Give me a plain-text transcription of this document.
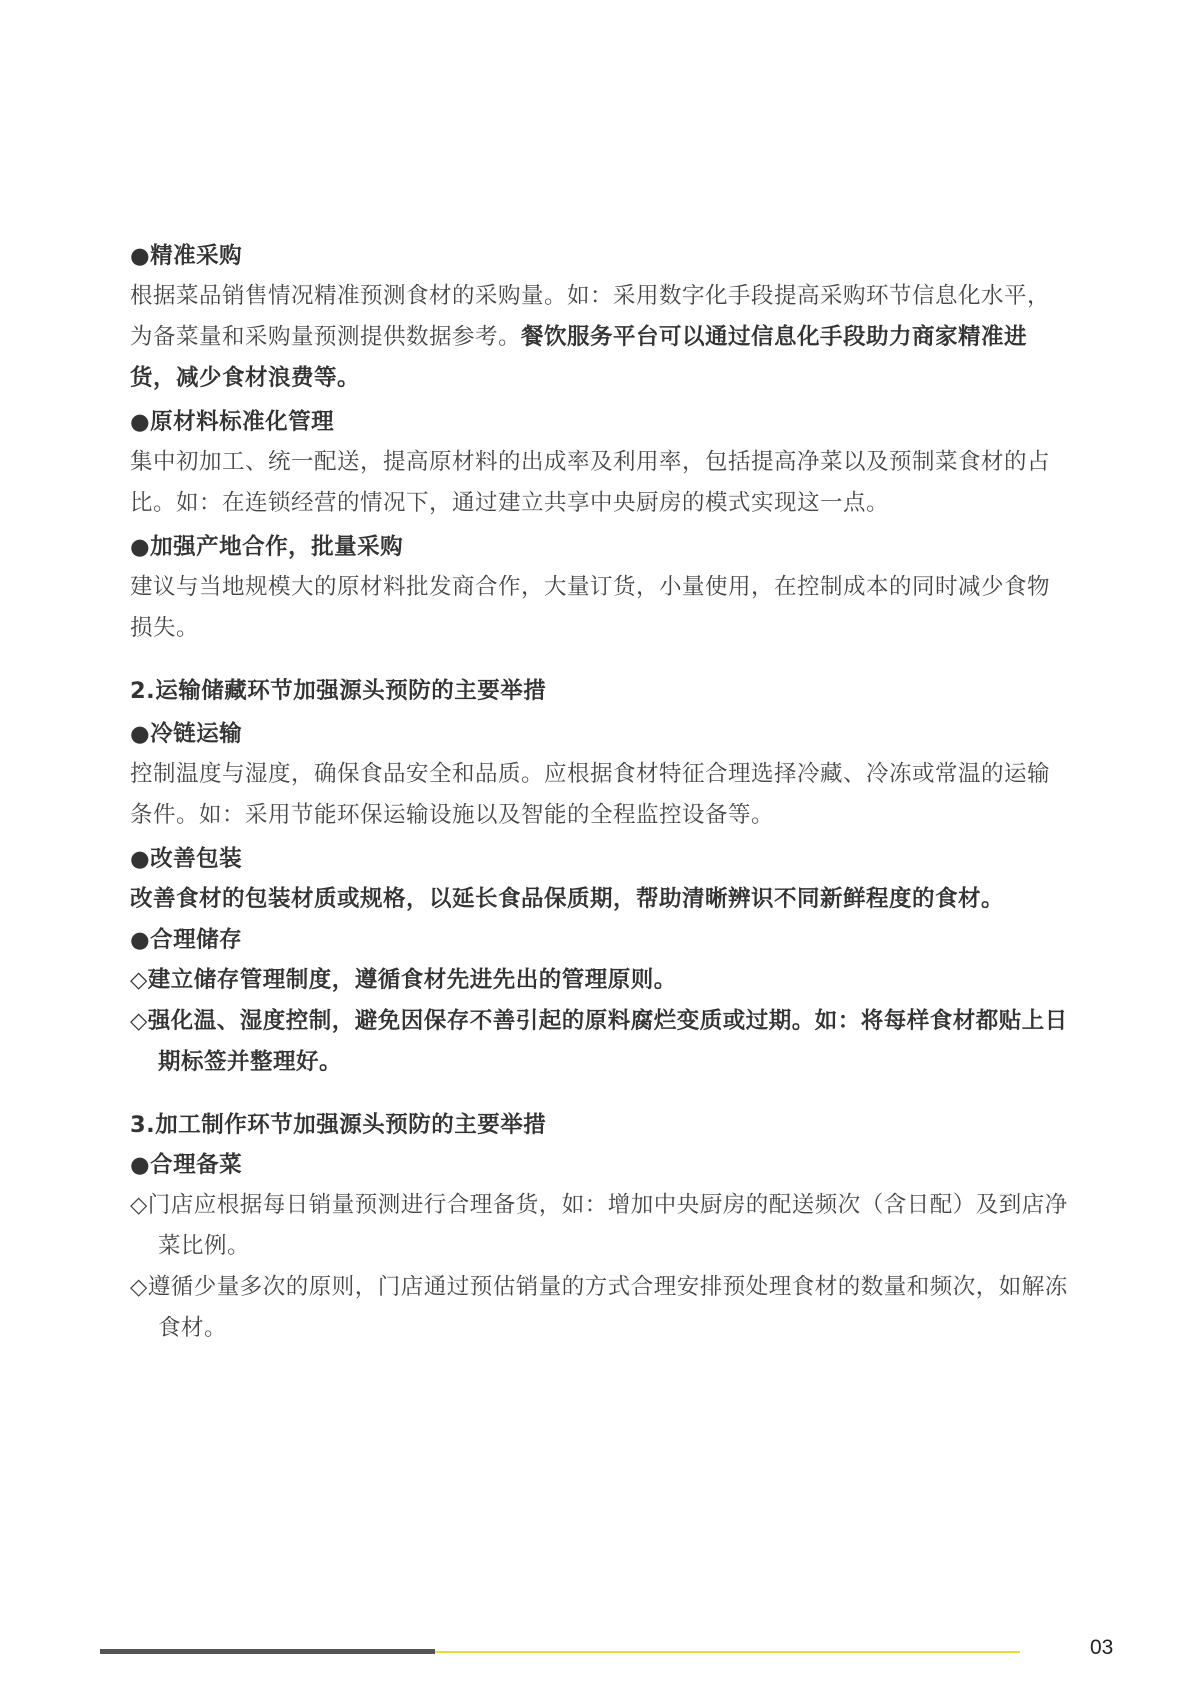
●精准采购
根据菜品销售情况精准预测食材的采购量。如：采用数字化手段提高采购环节信息化水平，为备菜量和采购量预测提供数据参考。餐饮服务平台可以通过信息化手段助力商家精准进货，减少食材浪费等。
●原材料标准化管理
集中初加工、统一配送，提高原材料的出成率及利用率，包括提高净菜以及预制菜食材的占比。如：在连锁经营的情况下，通过建立共享中央厨房的模式实现这一点。
●加强产地合作，批量采购
建议与当地规模大的原材料批发商合作，大量订货，小量使用，在控制成本的同时减少食物损失。
2.运输储藏环节加强源头预防的主要举措
●冷链运输
控制温度与湿度，确保食品安全和品质。应根据食材特征合理选择冷藏、冷冻或常温的运输条件。如：采用节能环保运输设施以及智能的全程监控设备等。
●改善包装
改善食材的包装材质或规格，以延长食品保质期，帮助清晰辨识不同新鲜程度的食材。
●合理储存
◇建立储存管理制度，遵循食材先进先出的管理原则。
◇强化温、湿度控制，避免因保存不善引起的原料腐烂变质或过期。如：将每样食材都贴上日期标签并整理好。
3.加工制作环节加强源头预防的主要举措
●合理备菜
◇门店应根据每日销量预测进行合理备货，如：增加中央厨房的配送频次（含日配）及到店净菜比例。
◇遵循少量多次的原则，门店通过预估销量的方式合理安排预处理食材的数量和频次，如解冻食材。
03
